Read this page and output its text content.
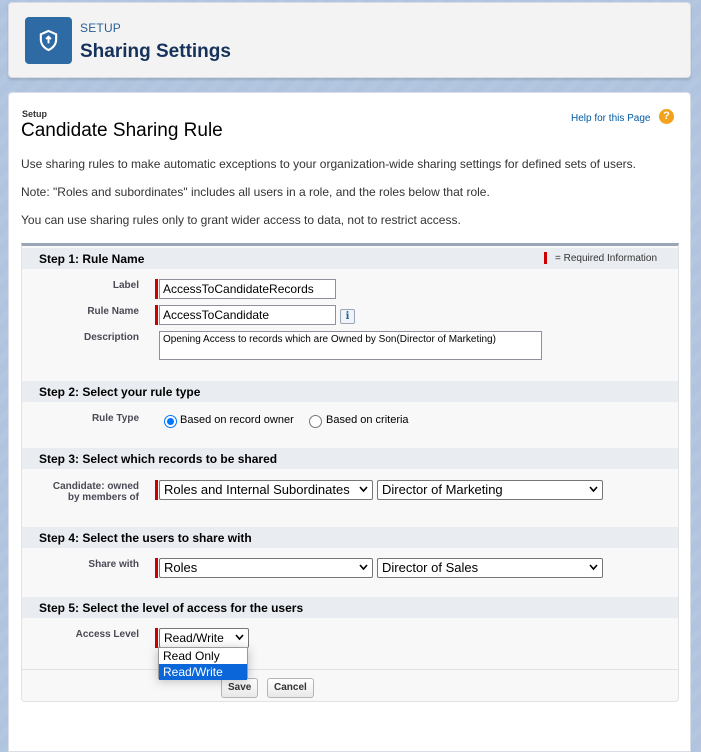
SETUP
Sharing Settings
Setup
Candidate Sharing Rule
Help for this Page	?
Use sharing rules to make automatic exceptions to your organization-wide sharing settings for defined sets of users.
Note: "Roles and subordinates" includes all users in a role, and the roles below that role.
You can use sharing rules only to grant wider access to data, not to restrict access.
Step 1: Rule Name	= Required Information
Label	AccessToCandidateRecords
Rule Name	AccessToCandidate	i
Description	Opening Access to records which are Owned by Son(Director of Marketing)
Step 2: Select your rule type
Rule Type	Based on record owner	Based on criteria
Step 3: Select which records to be shared
Candidate: owned
by members of
Roles and Internal Subordinates	Director of Marketing
Step 4: Select the users to share with
Share with	Roles	Director of Sales
Step 5: Select the level of access for the users
Access Level	Read/Write
Save	Cancel
Read Only
Read/Write
